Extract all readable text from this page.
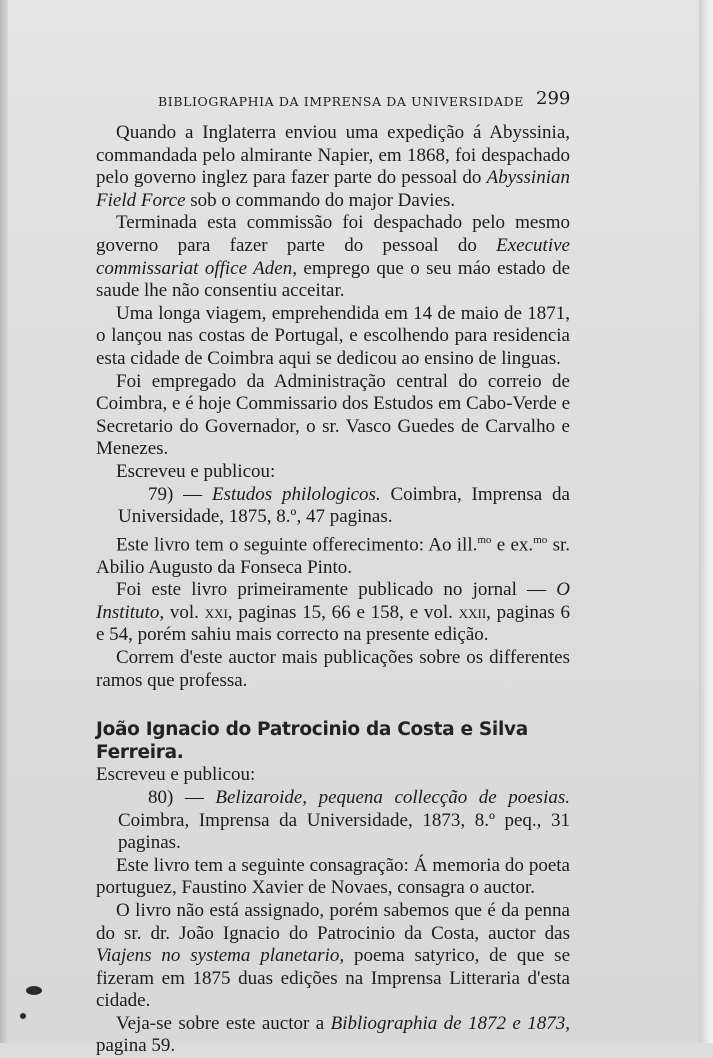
BIBLIOGRAPHIA DA IMPRENSA DA UNIVERSIDADE 299

Quando a Inglaterra enviou uma expedição á Abyssinia, commandada pelo almirante Napier, em 1868, foi despachado pelo governo inglez para fazer parte do pessoal do Abyssinian Field Force sob o commando do major Davies.

Terminada esta commissão foi despachado pelo mesmo governo para fazer parte do pessoal do Executive commissariat office Aden, emprego que o seu máo estado de saude lhe não consentiu acceitar.

Uma longa viagem, emprehendida em 14 de maio de 1871, o lançou nas costas de Portugal, e escolhendo para residencia esta cidade de Coimbra aqui se dedicou ao ensino de linguas.

Foi empregado da Administração central do correio de Coimbra, e é hoje Commissario dos Estudos em Cabo-Verde e Secretario do Governador, o sr. Vasco Guedes de Carvalho e Menezes.

Escreveu e publicou:

79) — Estudos philologicos. Coimbra, Imprensa da Universidade, 1875, 8.º, 47 paginas.

Este livro tem o seguinte offerecimento: Ao ill.$^{mo}$ e ex.$^{mo}$ sr. Abilio Augusto da Fonseca Pinto.

Foi este livro primeiramente publicado no jornal — O Instituto, vol. xxi, paginas 15, 66 e 158, e vol. xxii, paginas 6 e 54, porém sahiu mais correcto na presente edição.

Correm d'este auctor mais publicações sobre os differentes ramos que professa.

João Ignacio do Patrocinio da Costa e Silva Ferreira.

Escreveu e publicou:

80) — Belizaroide, pequena collecção de poesias. Coimbra, Imprensa da Universidade, 1873, 8.º peq., 31 paginas.

Este livro tem a seguinte consagração: Á memoria do poeta portuguez, Faustino Xavier de Novaes, consagra o auctor.

O livro não está assignado, porém sabemos que é da penna do sr. dr. João Ignacio do Patrocinio da Costa, auctor das Viajens no systema planetario, poema satyrico, de que se fizeram em 1875 duas edições na Imprensa Litteraria d'esta cidade.

Veja-se sobre este auctor a Bibliographia de 1872 e 1873, pagina 59.
